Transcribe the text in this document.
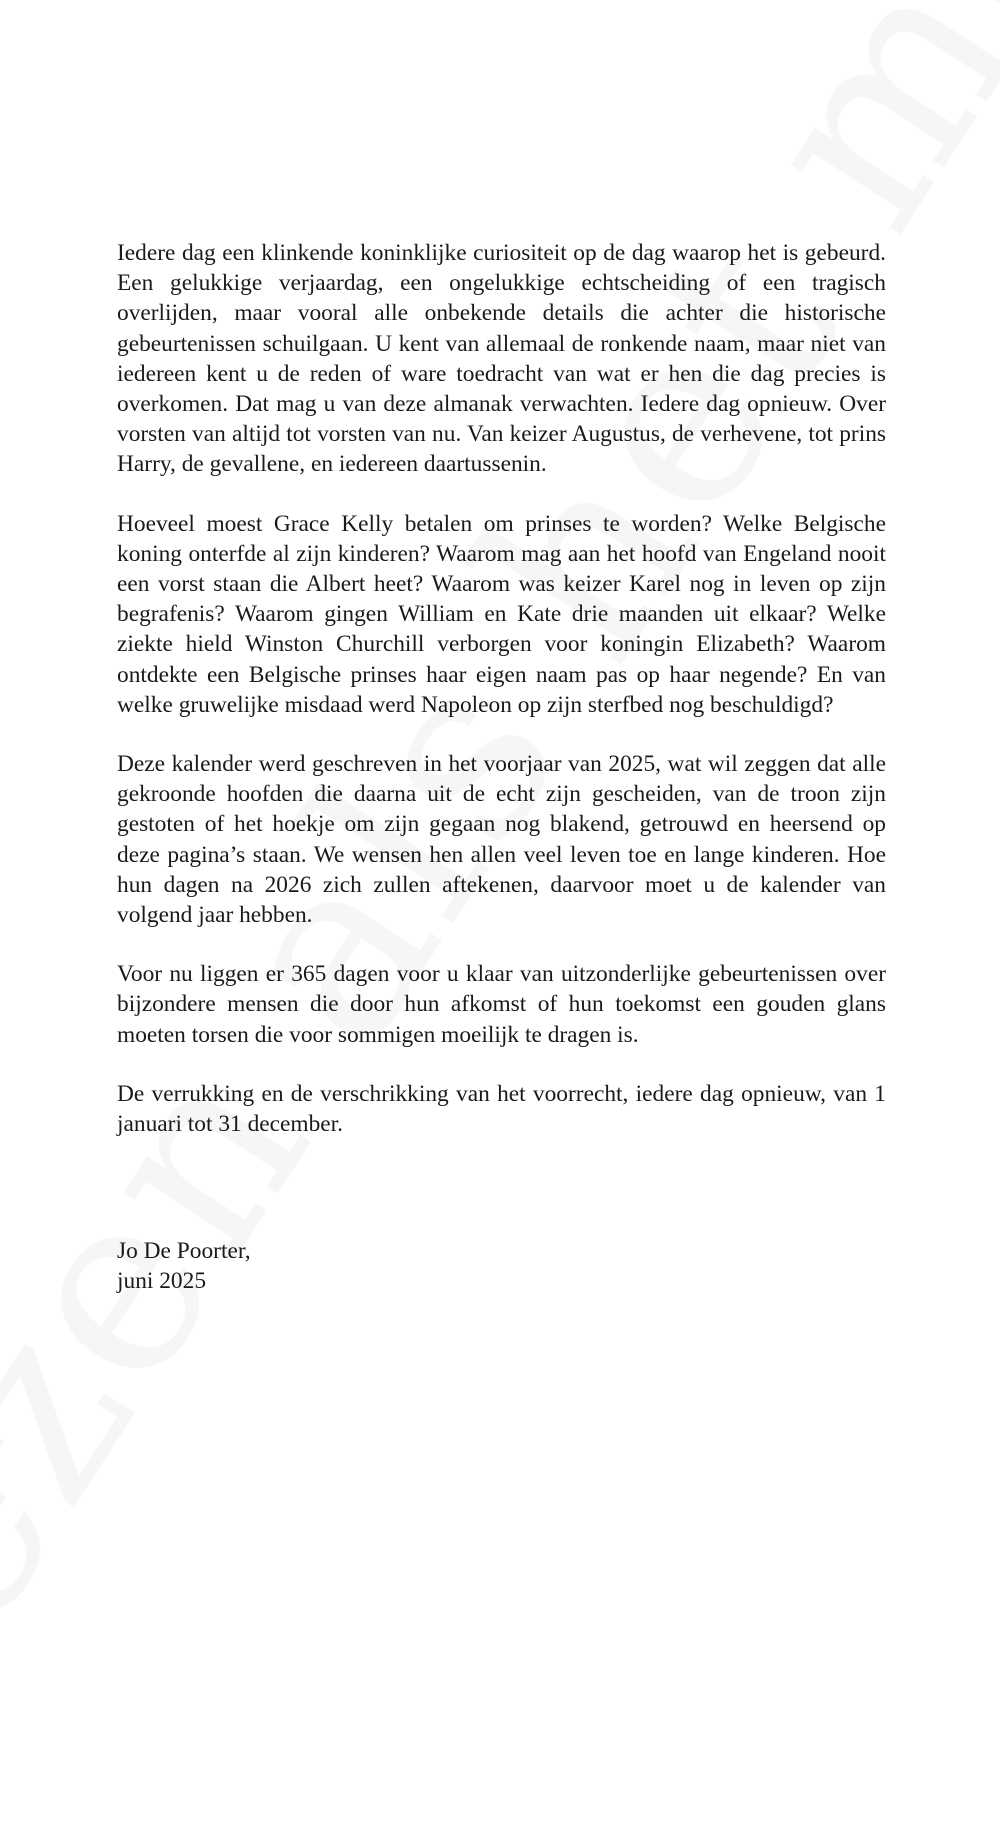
Iedere dag een klinkende koninklijke curiositeit op de dag waarop het is gebeurd. Een gelukkige verjaardag, een ongelukkige echtscheiding of een tragisch overlijden, maar vooral alle onbekende details die achter die historische gebeurtenissen schuilgaan. U kent van allemaal de ronkende naam, maar niet van iedereen kent u de reden of ware toedracht van wat er hen die dag precies is overkomen. Dat mag u van deze almanak verwachten. Iedere dag opnieuw. Over vorsten van altijd tot vorsten van nu. Van keizer Augustus, de verhevene, tot prins Harry, de gevallene, en iedereen daartussenin.

Hoeveel moest Grace Kelly betalen om prinses te worden? Welke Belgische koning onterfde al zijn kinderen? Waarom mag aan het hoofd van Engeland nooit een vorst staan die Albert heet? Waarom was keizer Karel nog in leven op zijn begrafenis? Waarom gingen William en Kate drie maanden uit elkaar? Welke ziekte hield Winston Churchill verborgen voor koningin Elizabeth? Waarom ontdekte een Belgische prinses haar eigen naam pas op haar negende? En van welke gruwelijke misdaad werd Napoleon op zijn sterfbed nog beschuldigd?

Deze kalender werd geschreven in het voorjaar van 2025, wat wil zeggen dat alle gekroonde hoofden die daarna uit de echt zijn gescheiden, van de troon zijn gestoten of het hoekje om zijn gegaan nog blakend, getrouwd en heersend op deze pagina’s staan. We wensen hen allen veel leven toe en lange kinderen. Hoe hun dagen na 2026 zich zullen aftekenen, daarvoor moet u de kalender van volgend jaar hebben.

Voor nu liggen er 365 dagen voor u klaar van uitzonderlijke gebeurtenissen over bijzondere mensen die door hun afkomst of hun toekomst een gouden glans moeten torsen die voor sommigen moeilijk te dragen is.

De verrukking en de verschrikking van het voorrecht, iedere dag opnieuw, van 1 januari tot 31 december.

Jo De Poorter,
juni 2025
